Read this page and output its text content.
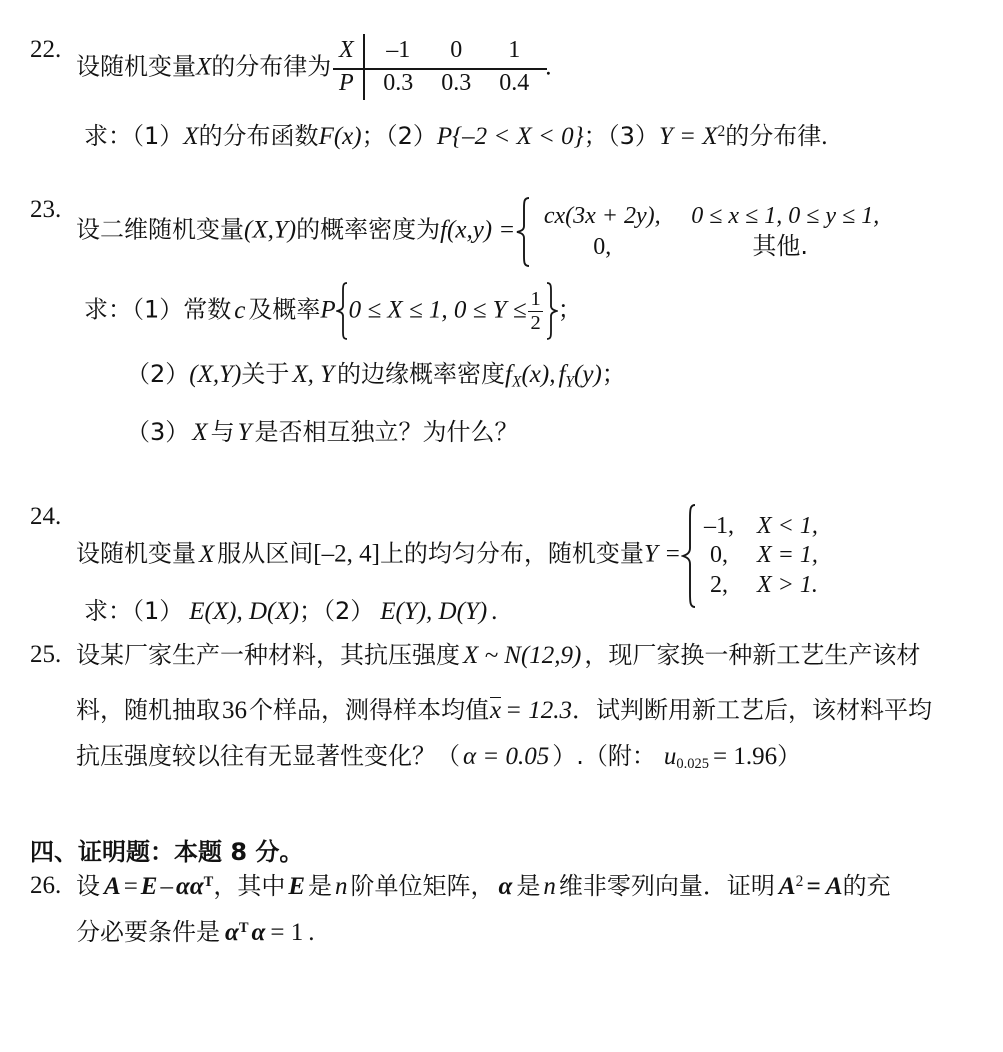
22.
设随机变量X的分布律为
X	–1	0	1
P	0.3	0.3	0.4
.
求：（1）X的分布函数F(x)；（2）P{–2 < X < 0}；$(3)Y = X^2$的分布律.
23.
设二维随机变量(X,Y)的概率密度为f(x,y) =
cx(3x + 2y),	0 ≤ x ≤ 1, 0 ≤ y ≤ 1,
0,	其他.
求：（1）常数 c 及概率P 0 ≤ X ≤ 1, $0 \le Y \le \frac{1}{2}$ ；
（2）(X,Y)关于 X, Y 的边缘概率密度$f_X(x)$, $f_Y(y)$；
（3） X 与 Y 是否相互独立？为什么？
24.
设随机变量 X 服从区间[–2, 4]上的均匀分布，随机变量Y =
–1, X < 1,
0,	X = 1,
2,	X > 1.
求：（1） E(X), D(X)；（2） E(Y), D(Y) .
25. 设某厂家生产一种材料，其抗压强度 X ~ N(12,9) ，现厂家换一种新工艺生产该材
料，随机抽取36个样品，测得样本均值x = 12.3．试判断用新工艺后，该材料平均
抗压强度较以往有无显著性变化？（ α = 0.05 ）.（附： u0.025 = 1.96）
四、证明题：本题 8 分。
26. 设 $A = E - \alpha\alpha^T$，其中 E 是 n 阶单位矩阵， α 是 n 维非零列向量．证明 $A^2 = A$的充
分必要条件是 $\alpha^T$ α = 1 .
